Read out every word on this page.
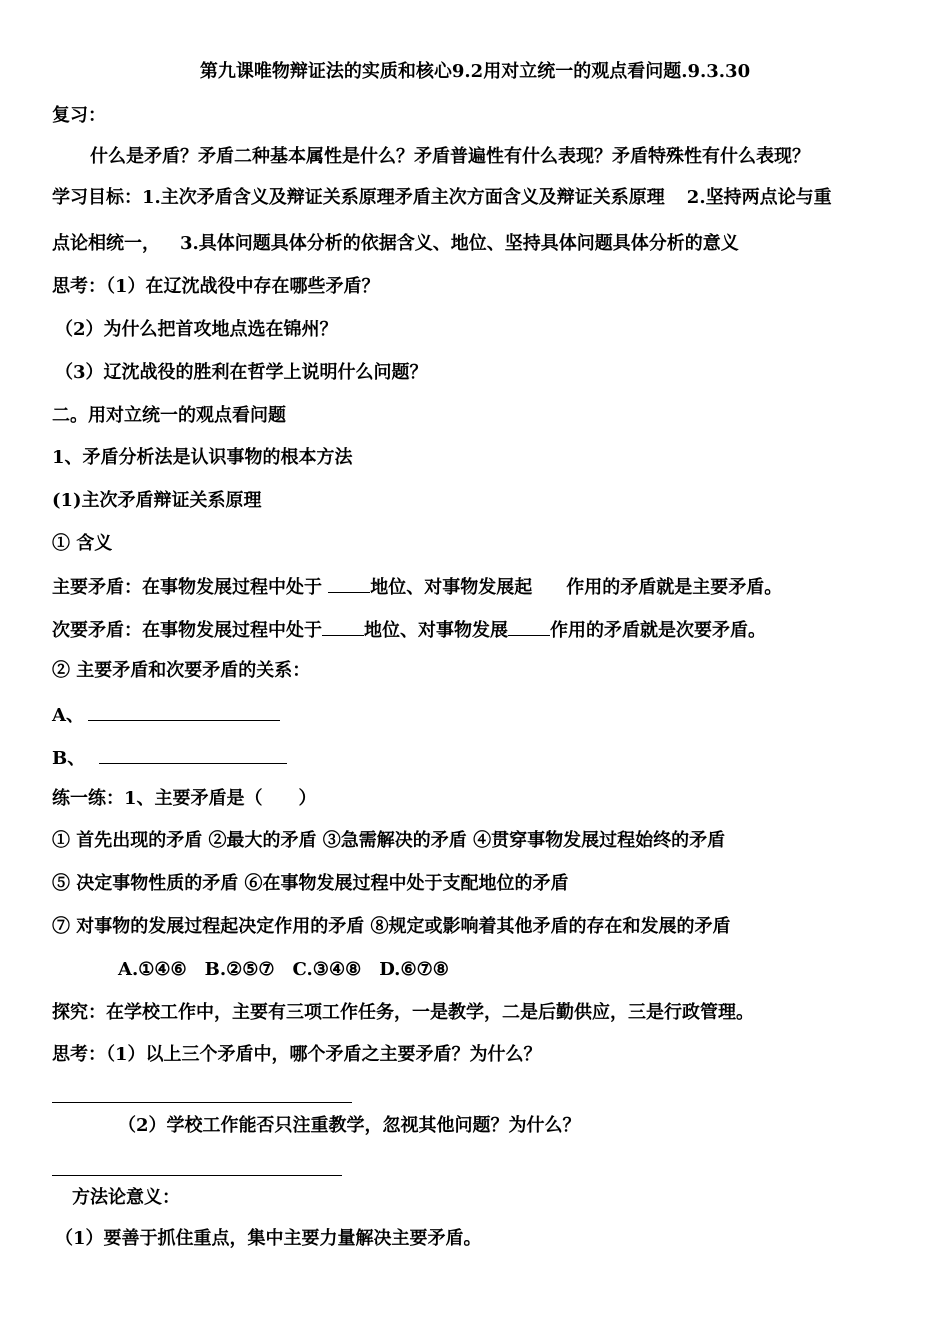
第九课唯物辩证法的实质和核心9.2用对立统一的观点看问题.9.3.30
复习：
什么是矛盾？矛盾二种基本属性是什么？矛盾普遍性有什么表现？矛盾特殊性有什么表现？
学习目标：1.主次矛盾含义及辩证关系原理矛盾主次方面含义及辩证关系原理 2.坚持两点论与重
点论相统一， 3.具体问题具体分析的依据含义、地位、坚持具体问题具体分析的意义
思考：（1）在辽沈战役中存在哪些矛盾？
（2）为什么把首攻地点选在锦州？
（3）辽沈战役的胜利在哲学上说明什么问题？
二。用对立统一的观点看问题
1、矛盾分析法是认识事物的根本方法
(1)主次矛盾辩证关系原理
① 含义
主要矛盾：在事物发展过程中处于	地位、对事物发展起 作用的矛盾就是主要矛盾。
次要矛盾：在事物发展过程中处于 地位、对事物发展 作用的矛盾就是次要矛盾。
② 主要矛盾和次要矛盾的关系：
A、
B、
练一练：1、主要矛盾是（　　）
① 首先出现的矛盾 ②最大的矛盾 ③急需解决的矛盾 ④贯穿事物发展过程始终的矛盾
⑤ 决定事物性质的矛盾 ⑥在事物发展过程中处于支配地位的矛盾
⑦ 对事物的发展过程起决定作用的矛盾 ⑧规定或影响着其他矛盾的存在和发展的矛盾
A.①④⑥　B.②⑤⑦　C.③④⑧　D.⑥⑦⑧
探究：在学校工作中，主要有三项工作任务，一是教学，二是后勤供应，三是行政管理。
思考：（1）以上三个矛盾中，哪个矛盾之主要矛盾？为什么？
（2）学校工作能否只注重教学，忽视其他问题？为什么？
方法论意义：
（1）要善于抓住重点，集中主要力量解决主要矛盾。
